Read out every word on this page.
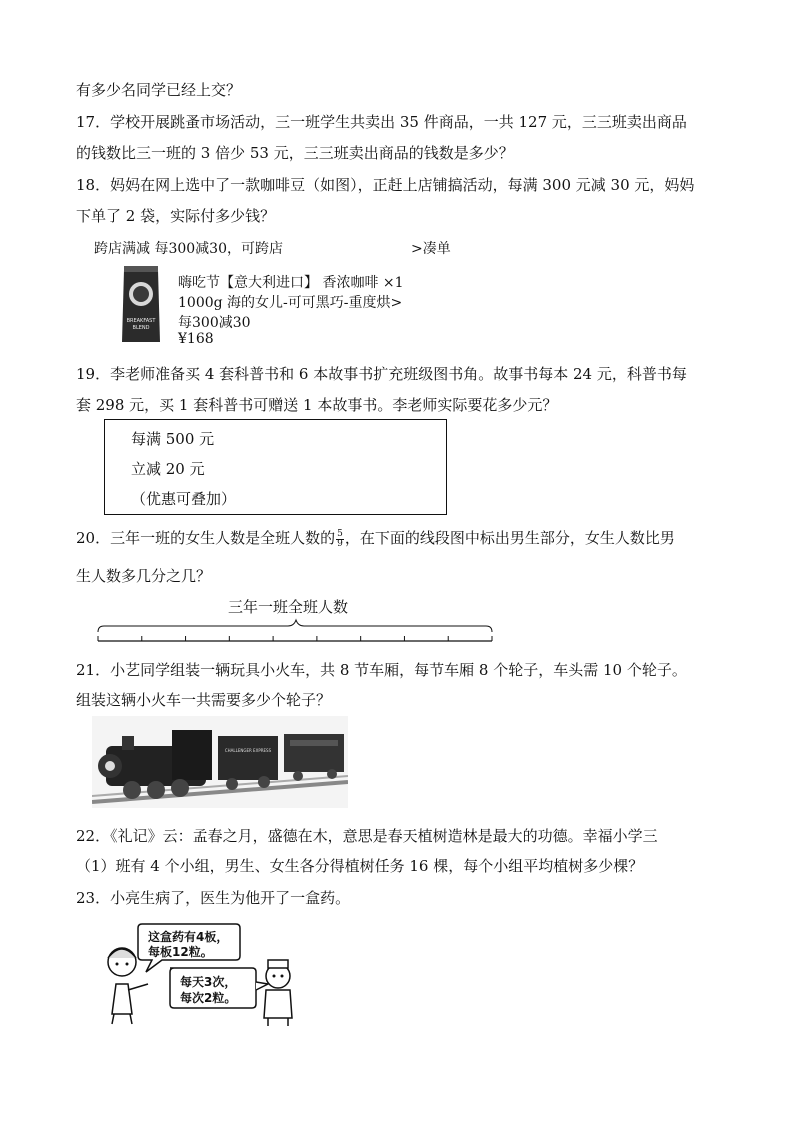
有多少名同学已经上交？
17．学校开展跳蚤市场活动，三一班学生共卖出 35 件商品，一共 127 元，三三班卖出商品
的钱数比三一班的 3 倍少 53 元，三三班卖出商品的钱数是多少？
18．妈妈在网上选中了一款咖啡豆（如图），正赶上店铺搞活动，每满 300 元减 30 元，妈妈
下单了 2 袋，实际付多少钱？
跨店满减 每300减30，可跨店	>凑单
BREAKFAST
BLEND
嗨吃节【意大利进口】 香浓咖啡 ×1
1000g 海的女儿-可可黑巧-重度烘>
每300减30
¥168
19．李老师准备买 4 套科普书和 6 本故事书扩充班级图书角。故事书每本 24 元，科普书每
套 298 元，买 1 套科普书可赠送 1 本故事书。李老师实际要花多少元？
每满 500 元
立减 20 元
（优惠可叠加）
20．三年一班的女生人数是全班人数的 $\frac{5}{9}$ ，在下面的线段图中标出男生部分，女生人数比男
生人数多几分之几？
三年一班全班人数
21．小艺同学组装一辆玩具小火车，共 8 节车厢，每节车厢 8 个轮子，车头需 10 个轮子。
组装这辆小火车一共需要多少个轮子？
CHALLENGER EXPRESS
22．《礼记》云：孟春之月，盛德在木，意思是春天植树造林是最大的功德。幸福小学三
（1）班有 4 个小组，男生、女生各分得植树任务 16 棵，每个小组平均植树多少棵？
23．小亮生病了，医生为他开了一盒药。
这盒药有4板，
每板12粒。
每天3次，
每次2粒。
